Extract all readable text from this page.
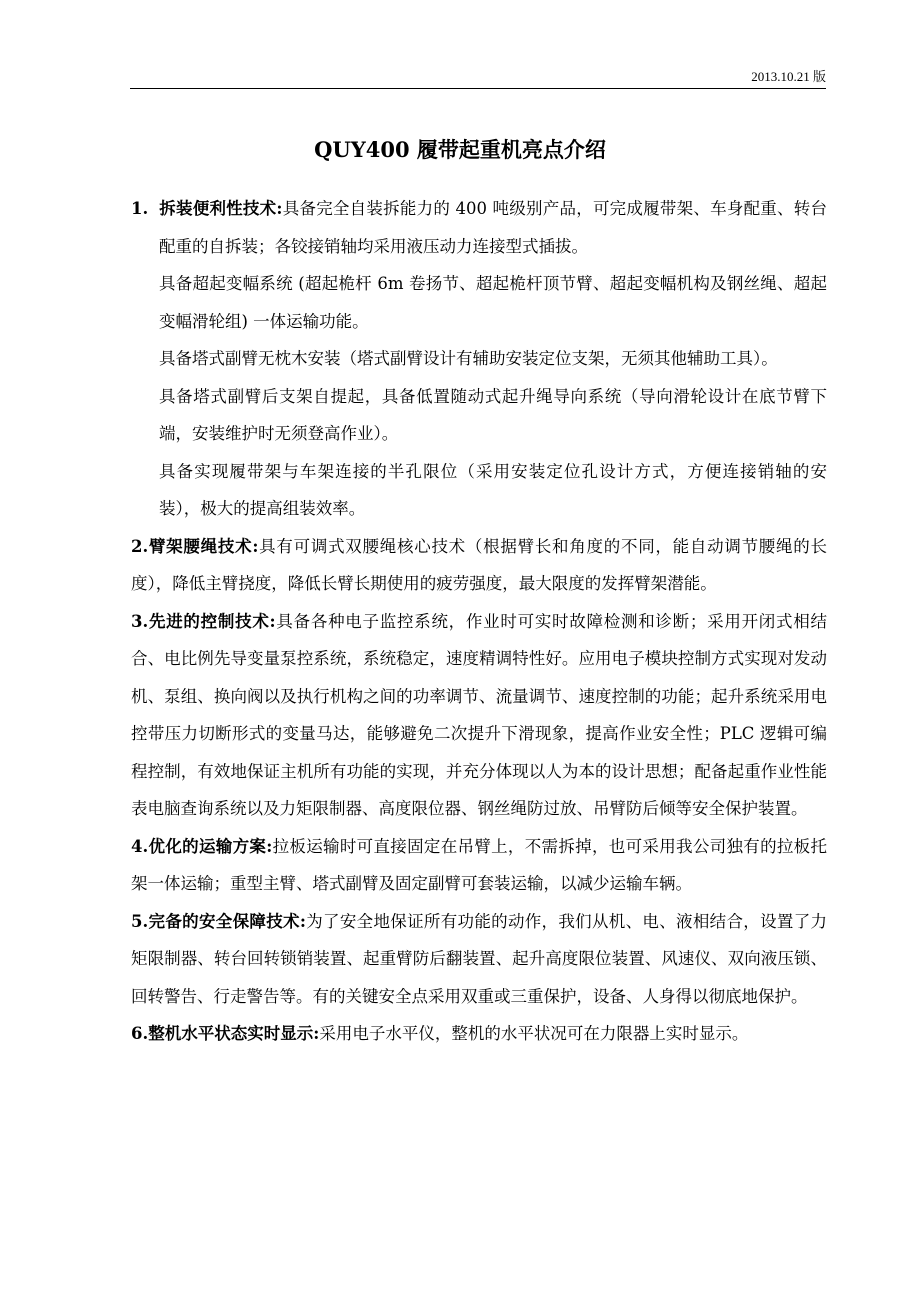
2013.10.21 版
QUY400 履带起重机亮点介绍

1. 拆装便利性技术:具备完全自装拆能力的 400 吨级别产品，可完成履带架、车身配重、转台配重的自拆装；各铰接销轴均采用液压动力连接型式插拔。

具备超起变幅系统 (超起桅杆 6m 卷扬节、超起桅杆顶节臂、超起变幅机构及钢丝绳、超起变幅滑轮组) 一体运输功能。

具备塔式副臂无枕木安装（塔式副臂设计有辅助安装定位支架，无须其他辅助工具）。

具备塔式副臂后支架自提起，具备低置随动式起升绳导向系统（导向滑轮设计在底节臂下端，安装维护时无须登高作业）。

具备实现履带架与车架连接的半孔限位（采用安装定位孔设计方式，方便连接销轴的安装），极大的提高组装效率。

2.臂架腰绳技术:具有可调式双腰绳核心技术（根据臂长和角度的不同，能自动调节腰绳的长度），降低主臂挠度，降低长臂长期使用的疲劳强度，最大限度的发挥臂架潜能。

3.先进的控制技术:具备各种电子监控系统，作业时可实时故障检测和诊断；采用开闭式相结合、电比例先导变量泵控系统，系统稳定，速度精调特性好。应用电子模块控制方式实现对发动机、泵组、换向阀以及执行机构之间的功率调节、流量调节、速度控制的功能；起升系统采用电控带压力切断形式的变量马达，能够避免二次提升下滑现象，提高作业安全性；PLC 逻辑可编程控制，有效地保证主机所有功能的实现，并充分体现以人为本的设计思想；配备起重作业性能表电脑查询系统以及力矩限制器、高度限位器、钢丝绳防过放、吊臂防后倾等安全保护装置。

4.优化的运输方案:拉板运输时可直接固定在吊臂上，不需拆掉，也可采用我公司独有的拉板托架一体运输；重型主臂、塔式副臂及固定副臂可套装运输，以减少运输车辆。

5.完备的安全保障技术:为了安全地保证所有功能的动作，我们从机、电、液相结合，设置了力矩限制器、转台回转锁销装置、起重臂防后翻装置、起升高度限位装置、风速仪、双向液压锁、回转警告、行走警告等。有的关键安全点采用双重或三重保护，设备、人身得以彻底地保护。

6.整机水平状态实时显示:采用电子水平仪，整机的水平状况可在力限器上实时显示。
